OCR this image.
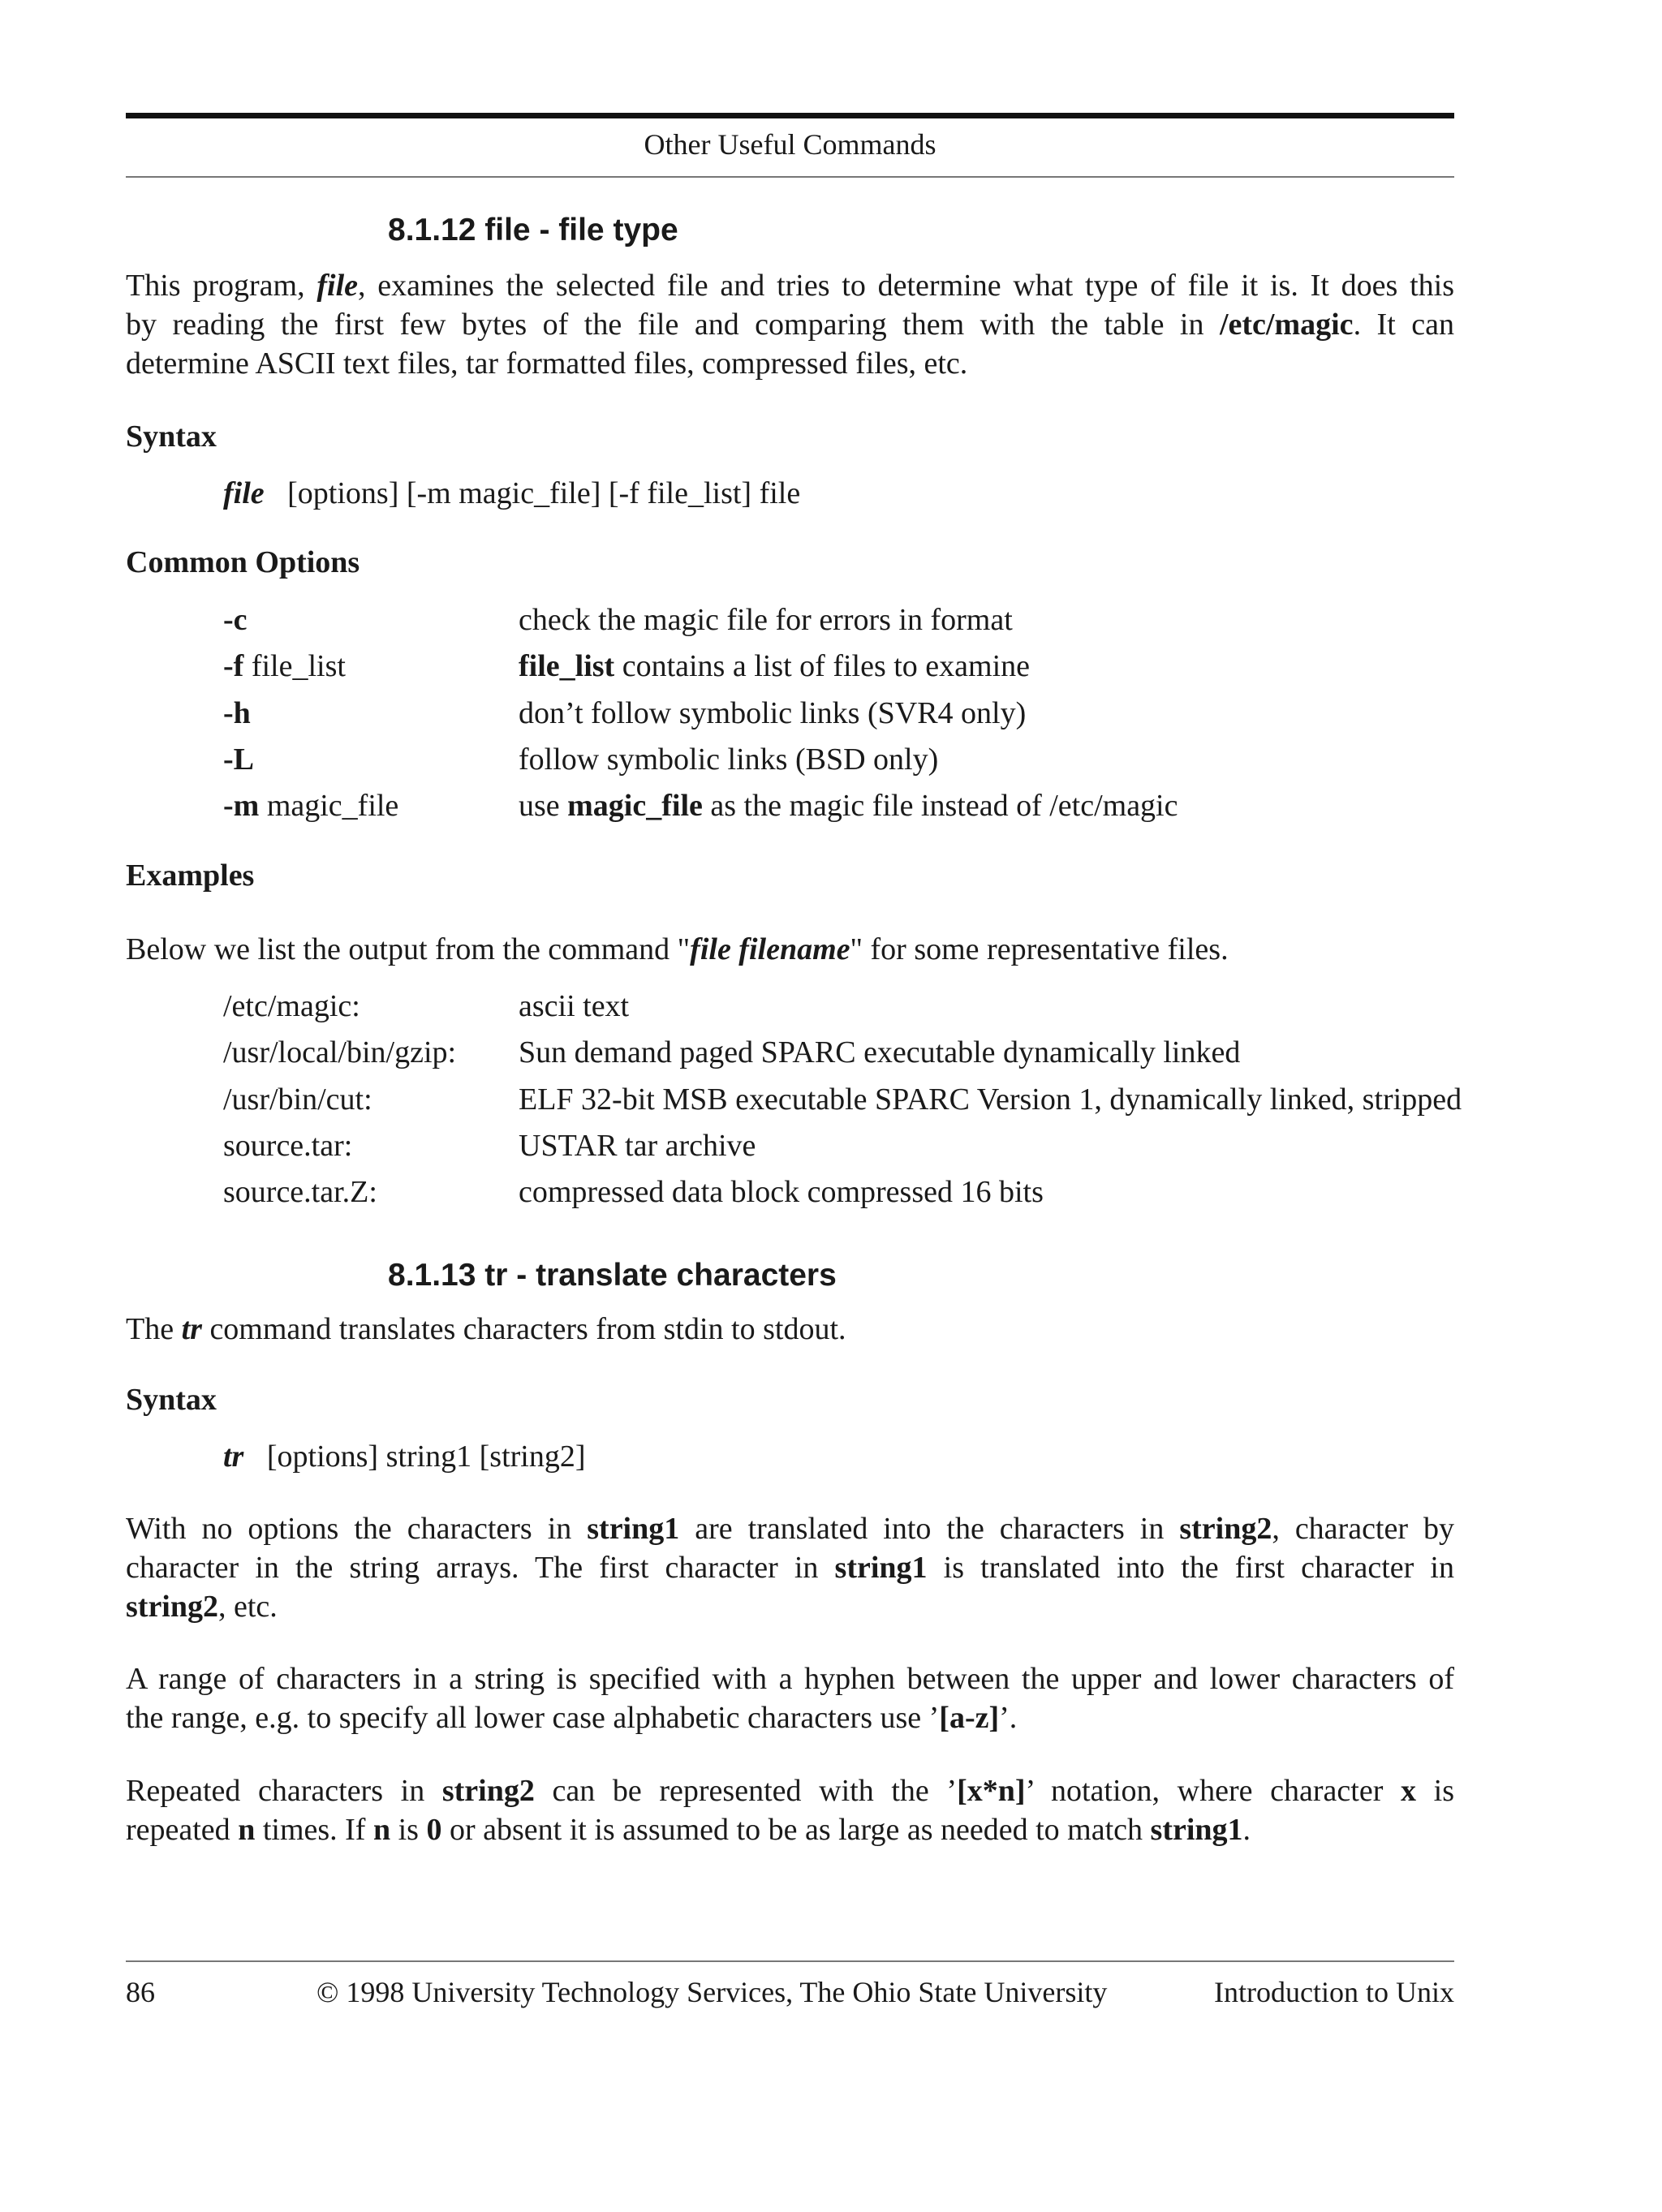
Other Useful Commands
8.1.12 file - file type
This program, file, examines the selected file and tries to determine what type of file it is. It does this
by reading the first few bytes of the file and comparing them with the table in /etc/magic. It can
determine ASCII text files, tar formatted files, compressed files, etc.
Syntax
file [options] [-m magic_file] [-f file_list] file
Common Options
-c	check the magic file for errors in format
-f file_list	file_list contains a list of files to examine
-h	don’t follow symbolic links (SVR4 only)
-L	follow symbolic links (BSD only)
-m magic_file	use magic_file as the magic file instead of /etc/magic
Examples
Below we list the output from the command "file filename" for some representative files.
/etc/magic:	ascii text
/usr/local/bin/gzip: Sun demand paged SPARC executable dynamically linked
/usr/bin/cut:	ELF 32-bit MSB executable SPARC Version 1, dynamically linked, stripped
source.tar:	USTAR tar archive
source.tar.Z:	compressed data block compressed 16 bits
8.1.13 tr - translate characters
The tr command translates characters from stdin to stdout.
Syntax
tr [options] string1 [string2]
With no options the characters in string1 are translated into the characters in string2, character by
character in the string arrays. The first character in string1 is translated into the first character in
string2, etc.
A range of characters in a string is specified with a hyphen between the upper and lower characters of
the range, e.g. to specify all lower case alphabetic characters use ’[a-z]’.
Repeated characters in string2 can be represented with the ’[x*n]’ notation, where character x is
repeated n times. If n is 0 or absent it is assumed to be as large as needed to match string1.
86	© 1998 University Technology Services, The Ohio State University	Introduction to Unix
